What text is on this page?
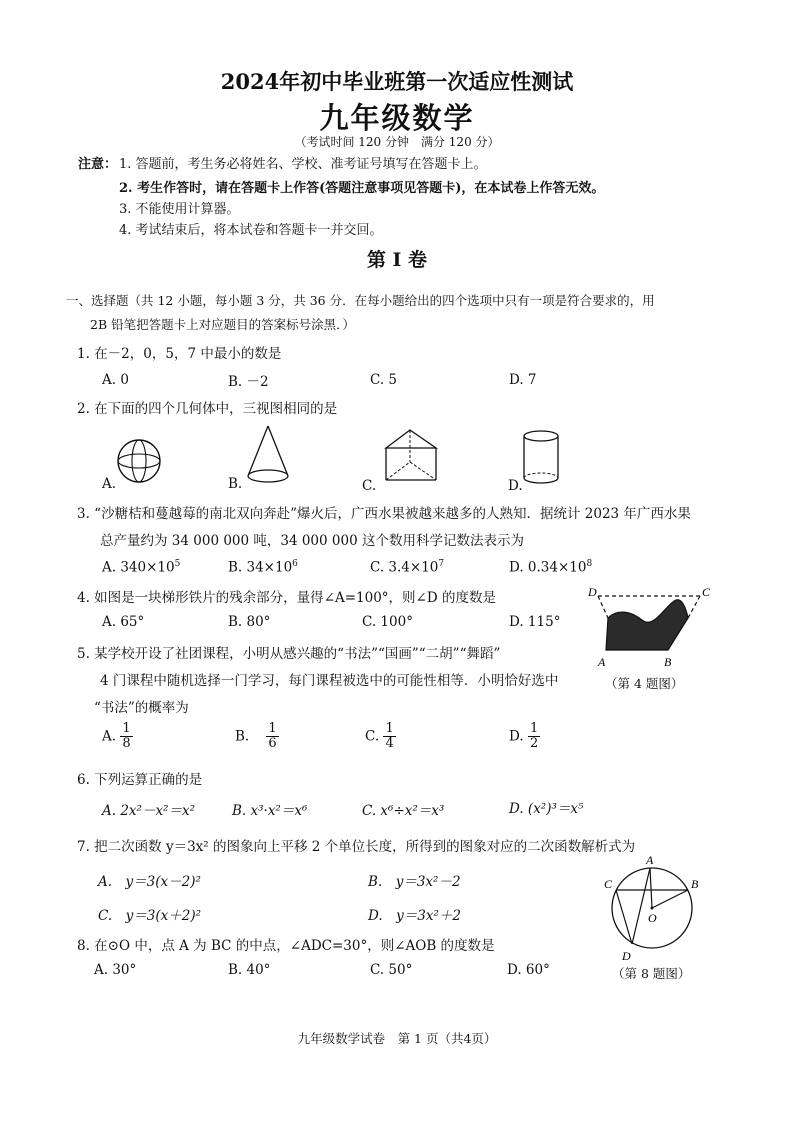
2024年初中毕业班第一次适应性测试
九年级数学
（考试时间 120 分钟　满分 120 分）
注意： 1. 答题前，考生务必将姓名、学校、准考证号填写在答题卡上。
2. 考生作答时，请在答题卡上作答(答题注意事项见答题卡)，在本试卷上作答无效。
3. 不能使用计算器。
4. 考试结束后，将本试卷和答题卡一并交回。
第 Ⅰ 卷
一、选择题（共 12 小题，每小题 3 分，共 36 分．在每小题给出的四个选项中只有一项是符合要求的，用
2B 铅笔把答题卡上对应题目的答案标号涂黑．）
1. 在－2，0，5，7 中最小的数是
A. 0	B. －2	C. 5	D. 7
2. 在下面的四个几何体中，三视图相同的是
A.	B.	C.	D.
3. “沙糖桔和蔓越莓的南北双向奔赴”爆火后，广西水果被越来越多的人熟知．据统计 2023 年广西水果
总产量约为 34 000 000 吨，34 000 000 这个数用科学记数法表示为
A. $340\times 10^5$	B. $34\times 10^6$	C. $3.4\times 10^7$	D. $0.34\times 10^8$
4. 如图是一块梯形铁片的残余部分，量得∠A=100°，则∠D 的度数是
A. 65°	B. 80°	C. 100°	D. 115°
D	C
A	B
（第 4 题图）
5. 某学校开设了社团课程，小明从感兴趣的“书法”“国画”“二胡”“舞蹈”
4 门课程中随机选择一门学习，每门课程被选中的可能性相等．小明恰好选中
“书法”的概率为
A. $\frac{1}{8}$	B. $\frac{1}{6}$	C. $\frac{1}{4}$	D. $\frac{1}{2}$
6. 下列运算正确的是
A. 2x²－x²＝x²	B. x³·x²＝x⁶	C. x⁶÷x²＝x³	D. (x²)³＝x⁵
7. 把二次函数 y＝3x² 的图象向上平移 2 个单位长度，所得到的图象对应的二次函数解析式为
A.　y＝3(x－2)²	B.　y＝3x²－2
C.　y＝3(x＋2)²	D.　y＝3x²＋2
8. 在⊙O 中，点 A 为 BC 的中点，∠ADC=30°，则∠AOB 的度数是
A. 30°	B. 40°	C. 50°	D. 60°
A
B
C
O
D
（第 8 题图）
九年级数学试卷　第 1 页（共4页）
